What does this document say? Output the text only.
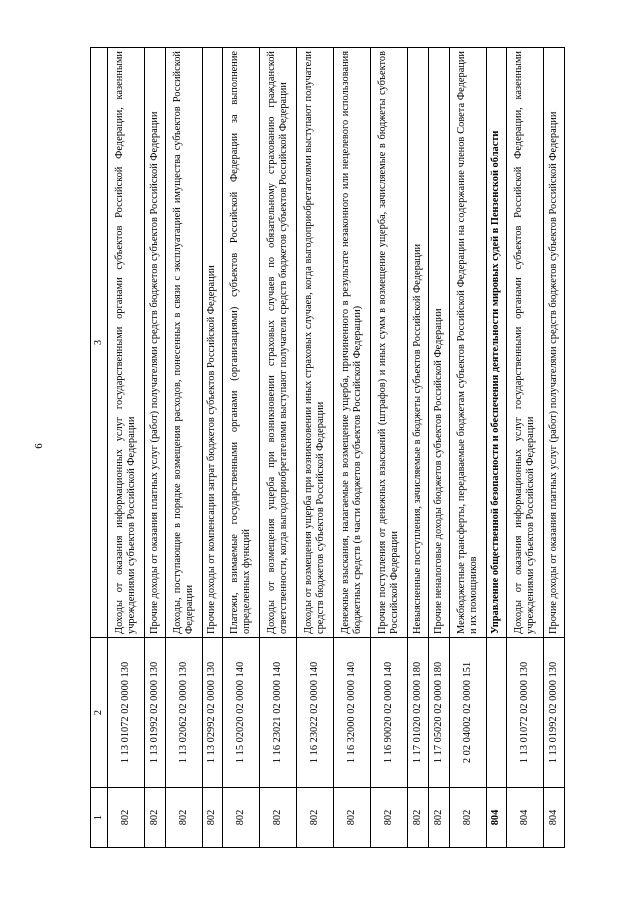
6
1	2	3
802	1 13 01072 02 0000 130	Доходы от оказания информационных услуг государственными органами субъектов Российской Федерации, казенными учреждениями субъектов Российской Федерации
802	1 13 01992 02 0000 130	Прочие доходы от оказания платных услуг (работ) получателями средств бюджетов субъектов Российской Федерации
802	1 13 02062 02 0000 130	Доходы, поступающие в порядке возмещения расходов, понесенных в связи с эксплуатацией имущества субъектов Российской Федерации
802	1 13 02992 02 0000 130	Прочие доходы от компенсации затрат бюджетов субъектов Российской Федерации
802	1 15 02020 02 0000 140	Платежи, взимаемые государственными органами (организациями) субъектов Российской Федерации за выполнение определенных функций
802	1 16 23021 02 0000 140	Доходы от возмещения ущерба при возникновении страховых случаев по обязательному страхованию гражданской ответственности, когда выгодоприобретателями выступают получатели средств бюджетов субъектов Российской Федерации
802	1 16 23022 02 0000 140	Доходы от возмещения ущерба при возникновении иных страховых случаев, когда выгодоприобретателями выступают получатели средств бюджетов субъектов Российской Федерации
802	1 16 32000 02 0000 140	Денежные взыскания, налагаемые в возмещение ущерба, причиненного в результате незаконного или нецелевого использования бюджетных средств (в части бюджетов субъектов Российской Федерации)
802	1 16 90020 02 0000 140	Прочие поступления от денежных взысканий (штрафов) и иных сумм в возмещение ущерба, зачисляемые в бюджеты субъектов Российской Федерации
802	1 17 01020 02 0000 180	Невыясненные поступления, зачисляемые в бюджеты субъектов Российской Федерации
802	1 17 05020 02 0000 180	Прочие неналоговые доходы бюджетов субъектов Российской Федерации
802	2 02 04002 02 0000 151	Межбюджетные трансферты, передаваемые бюджетам субъектов Российской Федерации на содержание членов Совета Федерации и их помощников
804		Управление общественной безопасности и обеспечения деятельности мировых судей в Пензенской области
804	1 13 01072 02 0000 130	Доходы от оказания информационных услуг государственными органами субъектов Российской Федерации, казенными учреждениями субъектов Российской Федерации
804	1 13 01992 02 0000 130	Прочие доходы от оказания платных услуг (работ) получателями средств бюджетов субъектов Российской Федерации
